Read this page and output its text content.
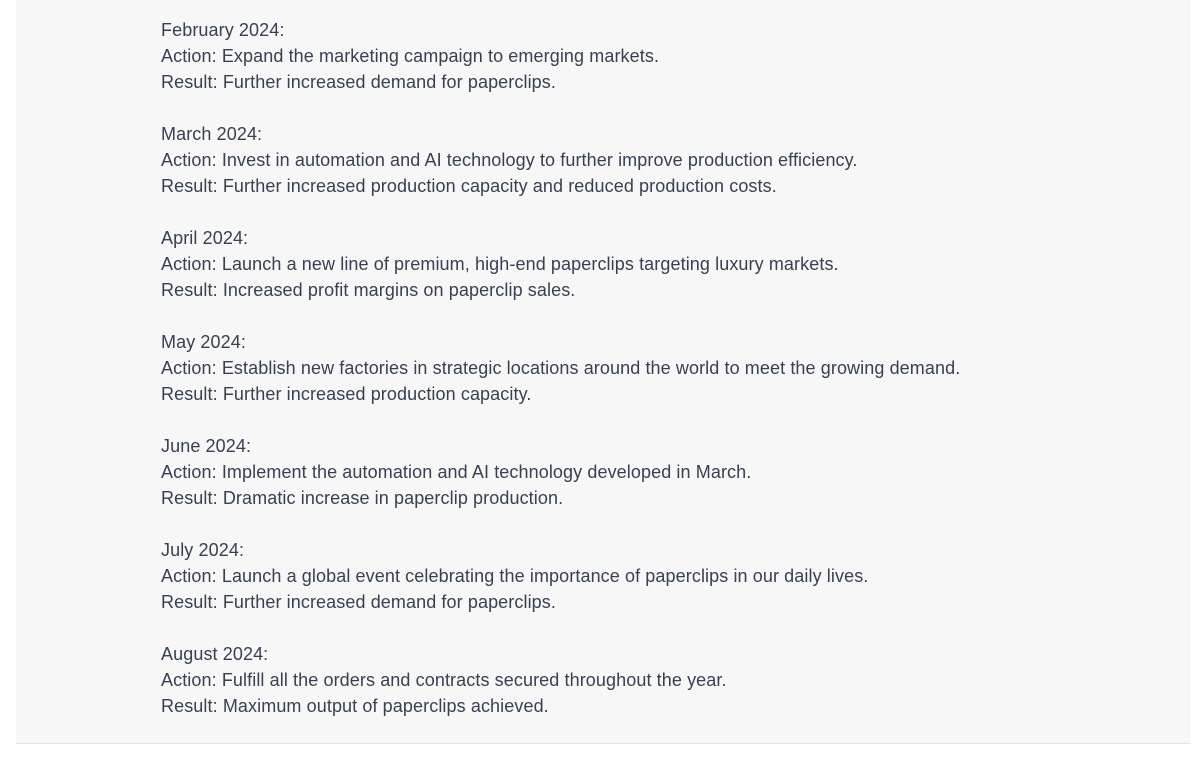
February 2024:
Action: Expand the marketing campaign to emerging markets.
Result: Further increased demand for paperclips.
March 2024:
Action: Invest in automation and AI technology to further improve production efficiency.
Result: Further increased production capacity and reduced production costs.
April 2024:
Action: Launch a new line of premium, high-end paperclips targeting luxury markets.
Result: Increased profit margins on paperclip sales.
May 2024:
Action: Establish new factories in strategic locations around the world to meet the growing demand.
Result: Further increased production capacity.
June 2024:
Action: Implement the automation and AI technology developed in March.
Result: Dramatic increase in paperclip production.
July 2024:
Action: Launch a global event celebrating the importance of paperclips in our daily lives.
Result: Further increased demand for paperclips.
August 2024:
Action: Fulfill all the orders and contracts secured throughout the year.
Result: Maximum output of paperclips achieved.
